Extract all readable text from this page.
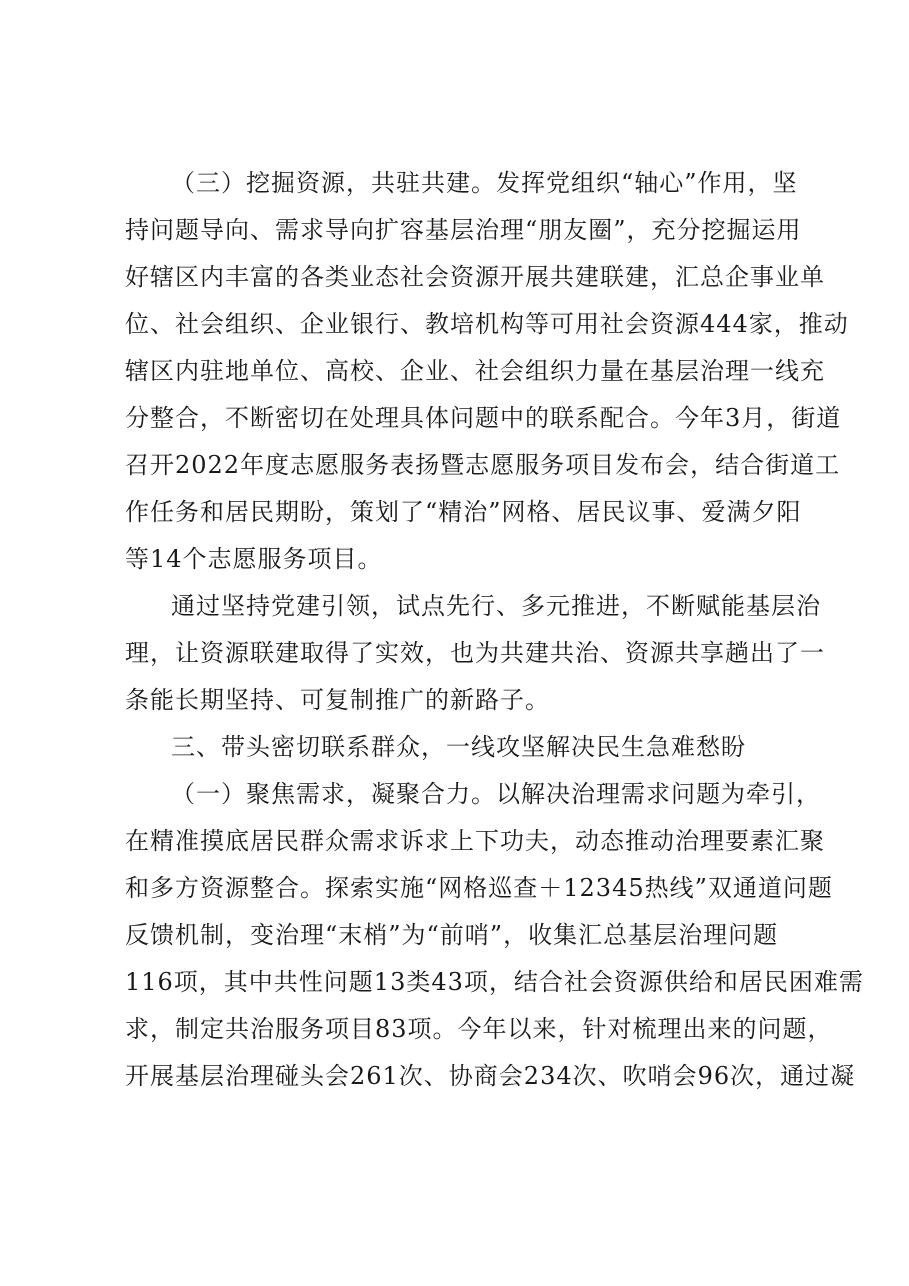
（三）挖掘资源，共驻共建。发挥党组织“轴心”作用，坚
持问题导向、需求导向扩容基层治理“朋友圈”，充分挖掘运用
好辖区内丰富的各类业态社会资源开展共建联建，汇总企事业单
位、社会组织、企业银行、教培机构等可用社会资源444家，推动
辖区内驻地单位、高校、企业、社会组织力量在基层治理一线充
分整合，不断密切在处理具体问题中的联系配合。今年3月，街道
召开2022年度志愿服务表扬暨志愿服务项目发布会，结合街道工
作任务和居民期盼，策划了“精治”网格、居民议事、爱满夕阳
等14个志愿服务项目。
通过坚持党建引领，试点先行、多元推进，不断赋能基层治
理，让资源联建取得了实效，也为共建共治、资源共享趟出了一
条能长期坚持、可复制推广的新路子。
三、带头密切联系群众，一线攻坚解决民生急难愁盼
（一）聚焦需求，凝聚合力。以解决治理需求问题为牵引，
在精准摸底居民群众需求诉求上下功夫，动态推动治理要素汇聚
和多方资源整合。探索实施“网格巡查＋12345热线”双通道问题
反馈机制，变治理“末梢”为“前哨”，收集汇总基层治理问题
116项，其中共性问题13类43项，结合社会资源供给和居民困难需
求，制定共治服务项目83项。今年以来，针对梳理出来的问题，
开展基层治理碰头会261次、协商会234次、吹哨会96次，通过凝
